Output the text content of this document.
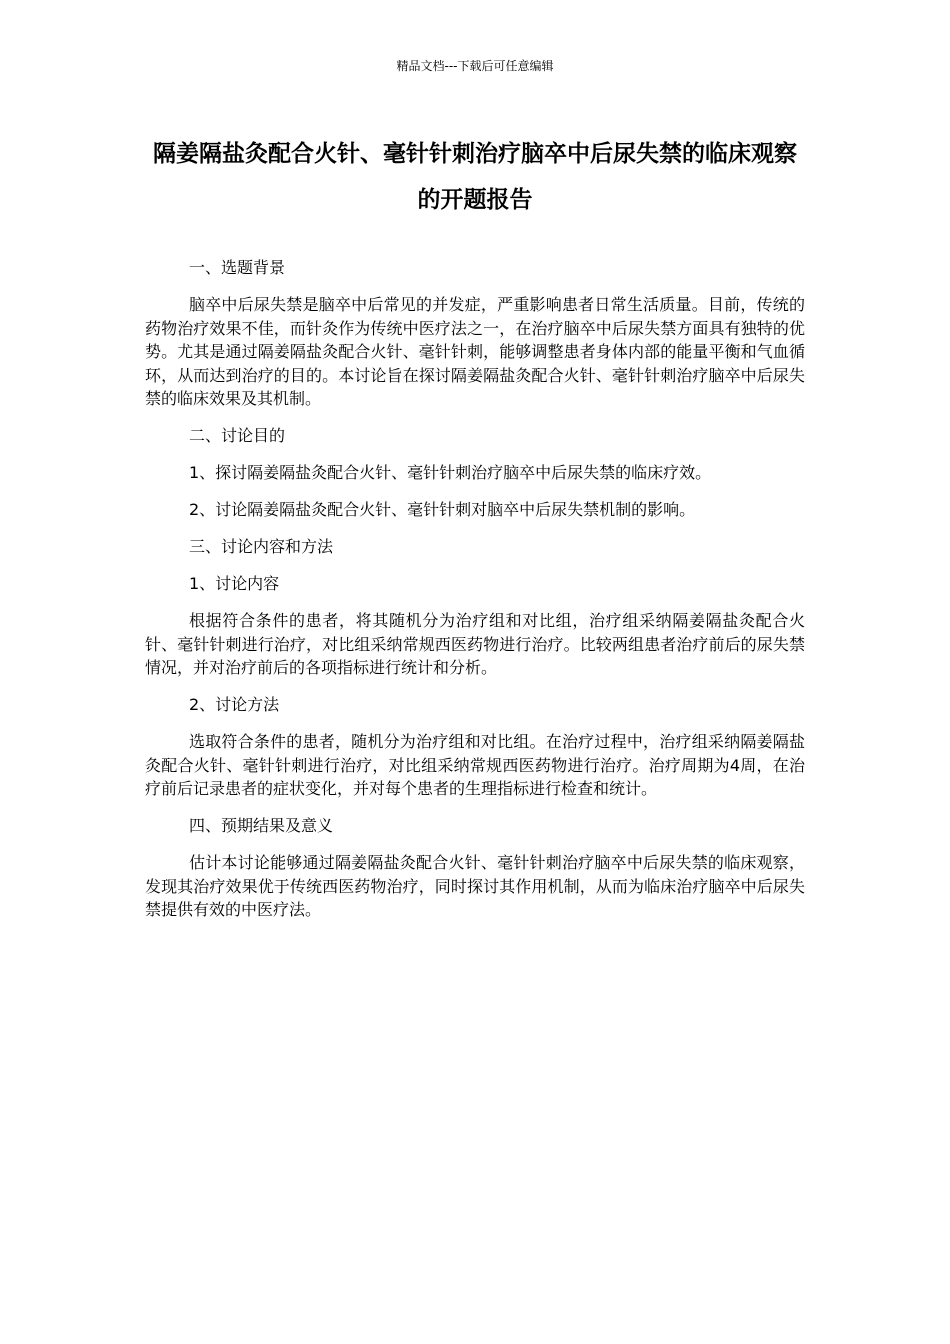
精品文档---下载后可任意编辑
隔姜隔盐灸配合火针、毫针针刺治疗脑卒中后尿失禁的临床观察的开题报告

一、选题背景

脑卒中后尿失禁是脑卒中后常见的并发症，严重影响患者日常生活质量。目前，传统的药物治疗效果不佳，而针灸作为传统中医疗法之一，在治疗脑卒中后尿失禁方面具有独特的优势。尤其是通过隔姜隔盐灸配合火针、毫针针刺，能够调整患者身体内部的能量平衡和气血循环，从而达到治疗的目的。本讨论旨在探讨隔姜隔盐灸配合火针、毫针针刺治疗脑卒中后尿失禁的临床效果及其机制。

二、讨论目的

1、探讨隔姜隔盐灸配合火针、毫针针刺治疗脑卒中后尿失禁的临床疗效。

2、讨论隔姜隔盐灸配合火针、毫针针刺对脑卒中后尿失禁机制的影响。

三、讨论内容和方法

1、讨论内容

根据符合条件的患者，将其随机分为治疗组和对比组，治疗组采纳隔姜隔盐灸配合火针、毫针针刺进行治疗，对比组采纳常规西医药物进行治疗。比较两组患者治疗前后的尿失禁情况，并对治疗前后的各项指标进行统计和分析。

2、讨论方法

选取符合条件的患者，随机分为治疗组和对比组。在治疗过程中，治疗组采纳隔姜隔盐灸配合火针、毫针针刺进行治疗，对比组采纳常规西医药物进行治疗。治疗周期为4周，在治疗前后记录患者的症状变化，并对每个患者的生理指标进行检查和统计。

四、预期结果及意义

估计本讨论能够通过隔姜隔盐灸配合火针、毫针针刺治疗脑卒中后尿失禁的临床观察，发现其治疗效果优于传统西医药物治疗，同时探讨其作用机制，从而为临床治疗脑卒中后尿失禁提供有效的中医疗法。
